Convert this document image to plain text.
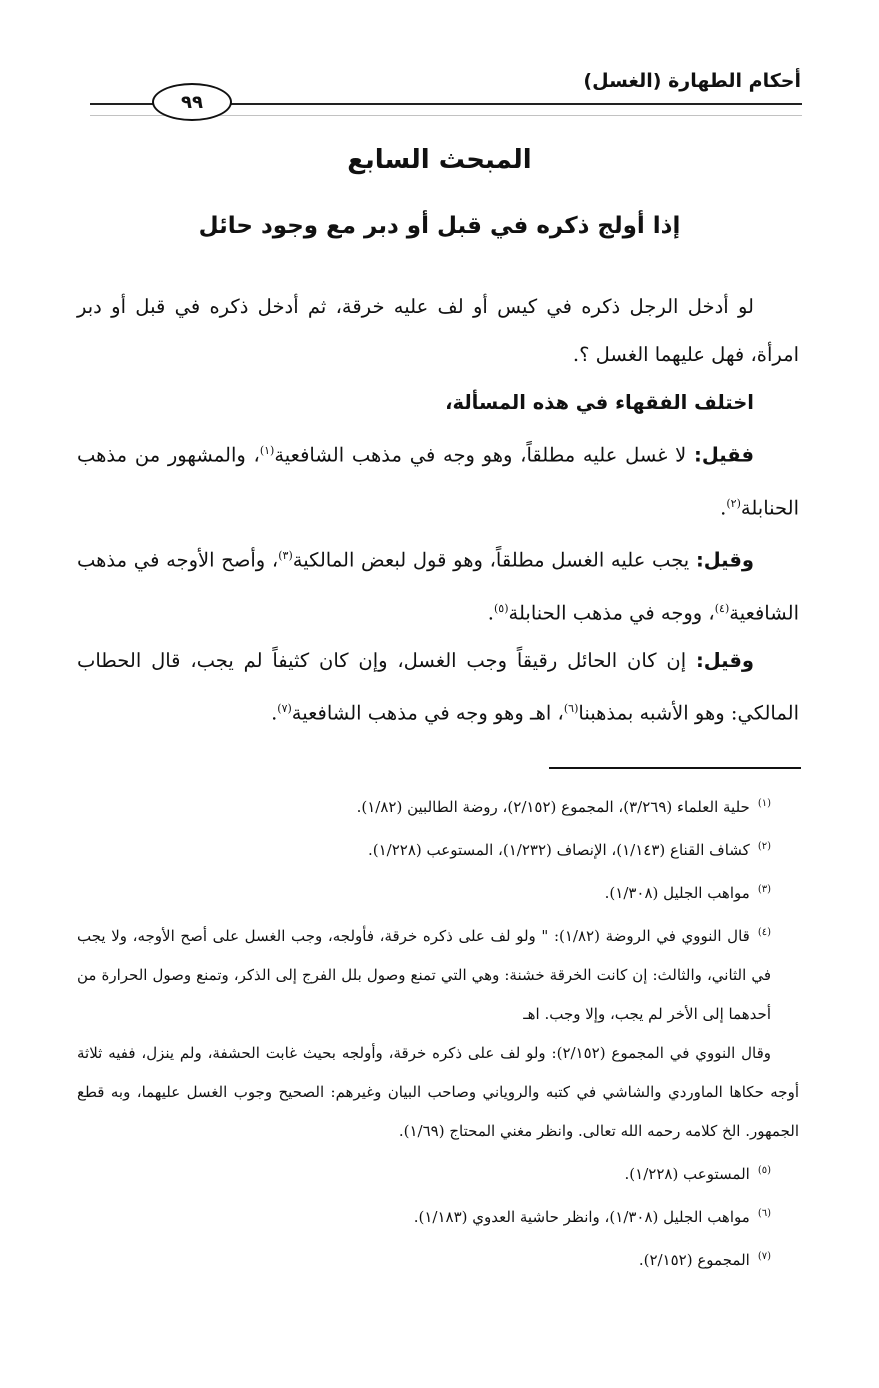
أحكام الطهارة (الغسل)
٩٩
المبحث السابع
إذا أولج ذكره في قبل أو دبر مع وجود حائل

لو أدخل الرجل ذكره في كيس أو لف عليه خرقة، ثم أدخل ذكره في قبل أو دبر امرأة، فهل عليهما الغسل ؟.

اختلف الفقهاء في هذه المسألة،

فقيل: لا غسل عليه مطلقاً، وهو وجه في مذهب الشافعية$^{(١)}$، والمشهور من مذهب الحنابلة$^{(٢)}$.

وقيل: يجب عليه الغسل مطلقاً، وهو قول لبعض المالكية$^{(٣)}$، وأصح الأوجه في مذهب الشافعية$^{(٤)}$، ووجه في مذهب الحنابلة$^{(٥)}$.

وقيل: إن كان الحائل رقيقاً وجب الغسل، وإن كان كثيفاً لم يجب، قال الحطاب المالكي: وهو الأشبه بمذهبنا$^{(٦)}$، اهـ وهو وجه في مذهب الشافعية$^{(٧)}$.

$^{(١)}$حلية العلماء (٣/٢٦٩)، المجموع (٢/١٥٢)، روضة الطالبين (١/٨٢).

$^{(٢)}$كشاف القناع (١/١٤٣)، الإنصاف (١/٢٣٢)، المستوعب (١/٢٢٨).

$^{(٣)}$مواهب الجليل (١/٣٠٨).

$^{(٤)}$قال النووي في الروضة (١/٨٢): " ولو لف على ذكره خرقة، فأولجه، وجب الغسل على أصح الأوجه، ولا يجب في الثاني، والثالث: إن كانت الخرقة خشنة: وهي التي تمنع وصول بلل الفرج إلى الذكر، وتمنع وصول الحرارة من أحدهما إلى الأخر لم يجب، وإلا وجب. اهـ

وقال النووي في المجموع (٢/١٥٢): ولو لف على ذكره خرقة، وأولجه بحيث غابت الحشفة، ولم ينزل، ففيه ثلاثة أوجه حكاها الماوردي والشاشي في كتبه والروياني وصاحب البيان وغيرهم: الصحيح وجوب الغسل عليهما، وبه قطع الجمهور. الخ كلامه رحمه الله تعالى. وانظر مغني المحتاج (١/٦٩).

$^{(٥)}$المستوعب (١/٢٢٨).

$^{(٦)}$مواهب الجليل (١/٣٠٨)، وانظر حاشية العدوي (١/١٨٣).

$^{(٧)}$المجموع (٢/١٥٢).
